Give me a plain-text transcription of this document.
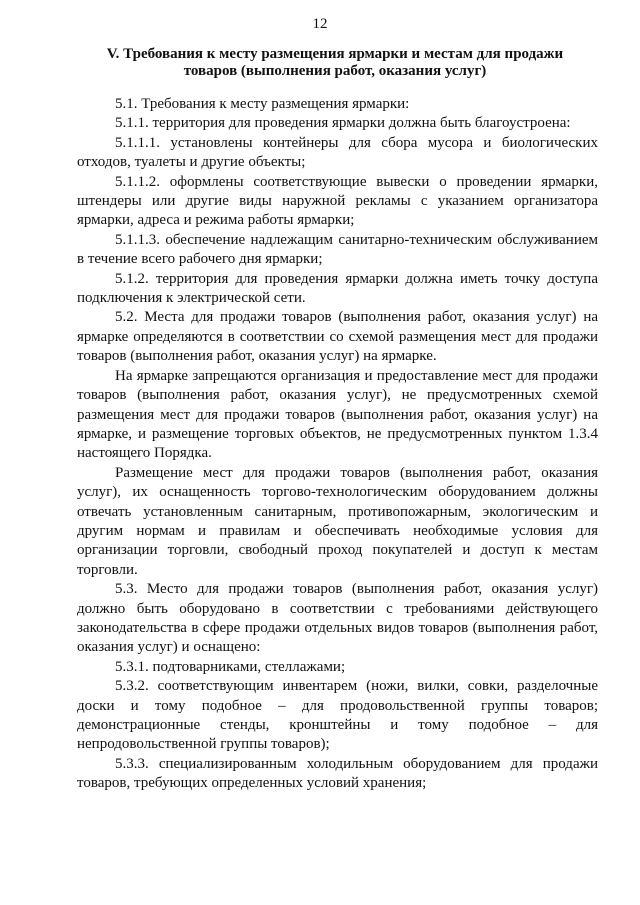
12
V. Требования к месту размещения ярмарки и местам для продажи
товаров (выполнения работ, оказания услуг)

5.1. Требования к месту размещения ярмарки:

5.1.1. территория для проведения ярмарки должна быть благоустроена:

5.1.1.1. установлены контейнеры для сбора мусора и биологических отходов, туалеты и другие объекты;

5.1.1.2. оформлены соответствующие вывески о проведении ярмарки, штендеры или другие виды наружной рекламы с указанием организатора ярмарки, адреса и режима работы ярмарки;

5.1.1.3. обеспечение надлежащим санитарно-техническим обслуживанием в течение всего рабочего дня ярмарки;

5.1.2. территория для проведения ярмарки должна иметь точку доступа подключения к электрической сети.

5.2. Места для продажи товаров (выполнения работ, оказания услуг) на ярмарке определяются в соответствии со схемой размещения мест для продажи товаров (выполнения работ, оказания услуг) на ярмарке.

На ярмарке запрещаются организация и предоставление мест для продажи товаров (выполнения работ, оказания услуг), не предусмотренных схемой размещения мест для продажи товаров (выполнения работ, оказания услуг) на ярмарке, и размещение торговых объектов, не предусмотренных пунктом 1.3.4 настоящего Порядка.

Размещение мест для продажи товаров (выполнения работ, оказания услуг), их оснащенность торгово-технологическим оборудованием должны отвечать установленным санитарным, противопожарным, экологическим и другим нормам и правилам и обеспечивать необходимые условия для организации торговли, свободный проход покупателей и доступ к местам торговли.

5.3. Место для продажи товаров (выполнения работ, оказания услуг) должно быть оборудовано в соответствии с требованиями действующего законодательства в сфере продажи отдельных видов товаров (выполнения работ, оказания услуг) и оснащено:

5.3.1. подтоварниками, стеллажами;

5.3.2. соответствующим инвентарем (ножи, вилки, совки, разделочные доски и тому подобное – для продовольственной группы товаров; демонстрационные стенды, кронштейны и тому подобное – для непродовольственной группы товаров);

5.3.3. специализированным холодильным оборудованием для продажи товаров, требующих определенных условий хранения;
